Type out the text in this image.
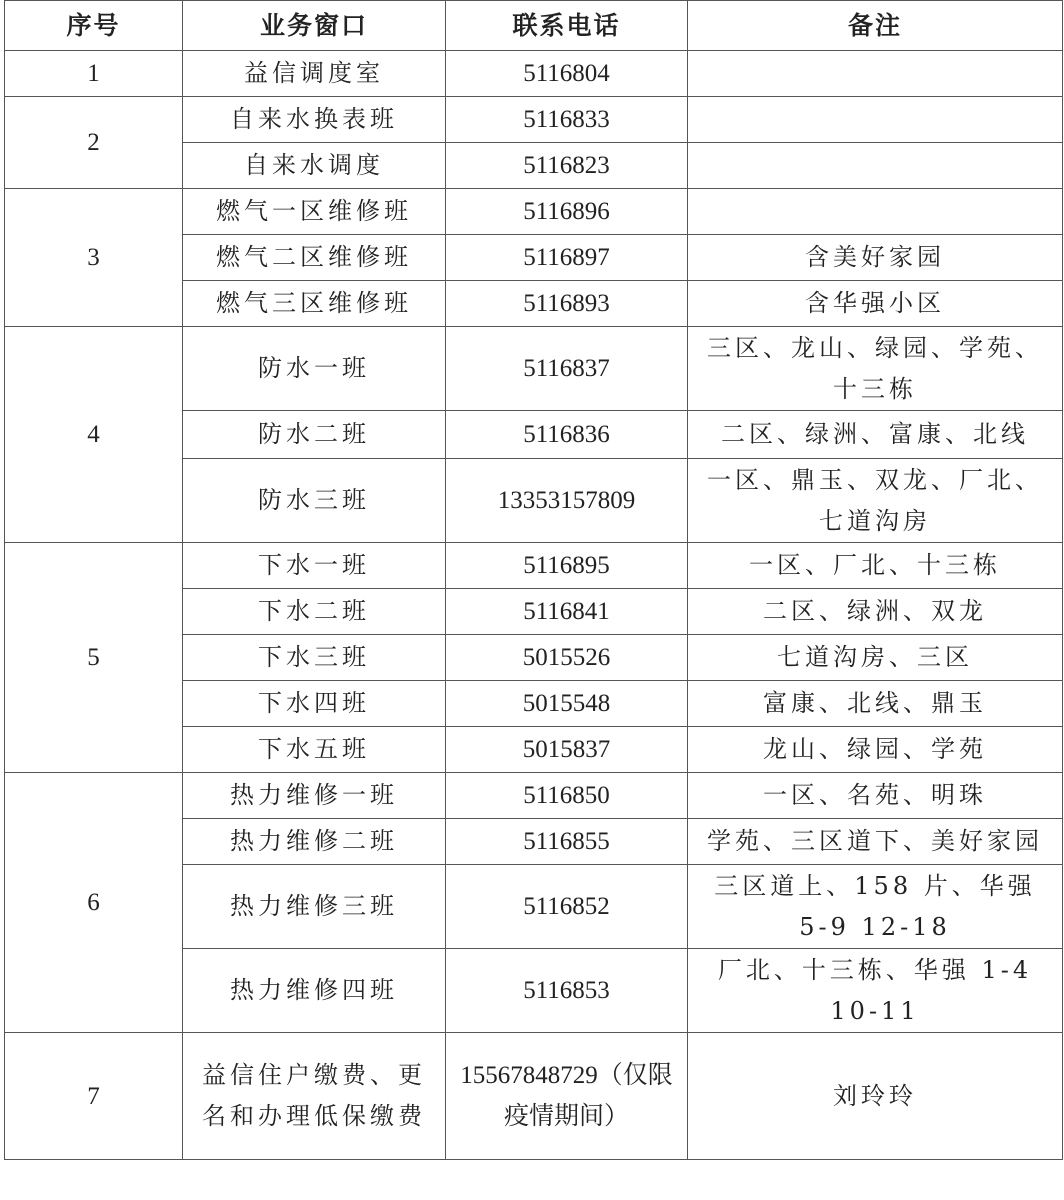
序号	业务窗口	联系电话	备注
1	益信调度室	5116804	
2	自来水换表班	5116833	
	自来水调度	5116823	
3	燃气一区维修班	5116896	
	燃气二区维修班	5116897	含美好家园
	燃气三区维修班	5116893	含华强小区
4	防水一班	5116837	三区、龙山、绿园、学苑、十三栋
	防水二班	5116836	二区、绿洲、富康、北线
	防水三班	13353157809	一区、鼎玉、双龙、厂北、七道沟房
5	下水一班	5116895	一区、厂北、十三栋
	下水二班	5116841	二区、绿洲、双龙
	下水三班	5015526	七道沟房、三区
	下水四班	5015548	富康、北线、鼎玉
	下水五班	5015837	龙山、绿园、学苑
6	热力维修一班	5116850	一区、名苑、明珠
	热力维修二班	5116855	学苑、三区道下、美好家园
	热力维修三班	5116852	三区道上、158 片、华强 5-9 12-18
	热力维修四班	5116853	厂北、十三栋、华强 1-4 10-11
7	益信住户缴费、更名和办理低保缴费	15567848729（仅限疫情期间）	刘玲玲
